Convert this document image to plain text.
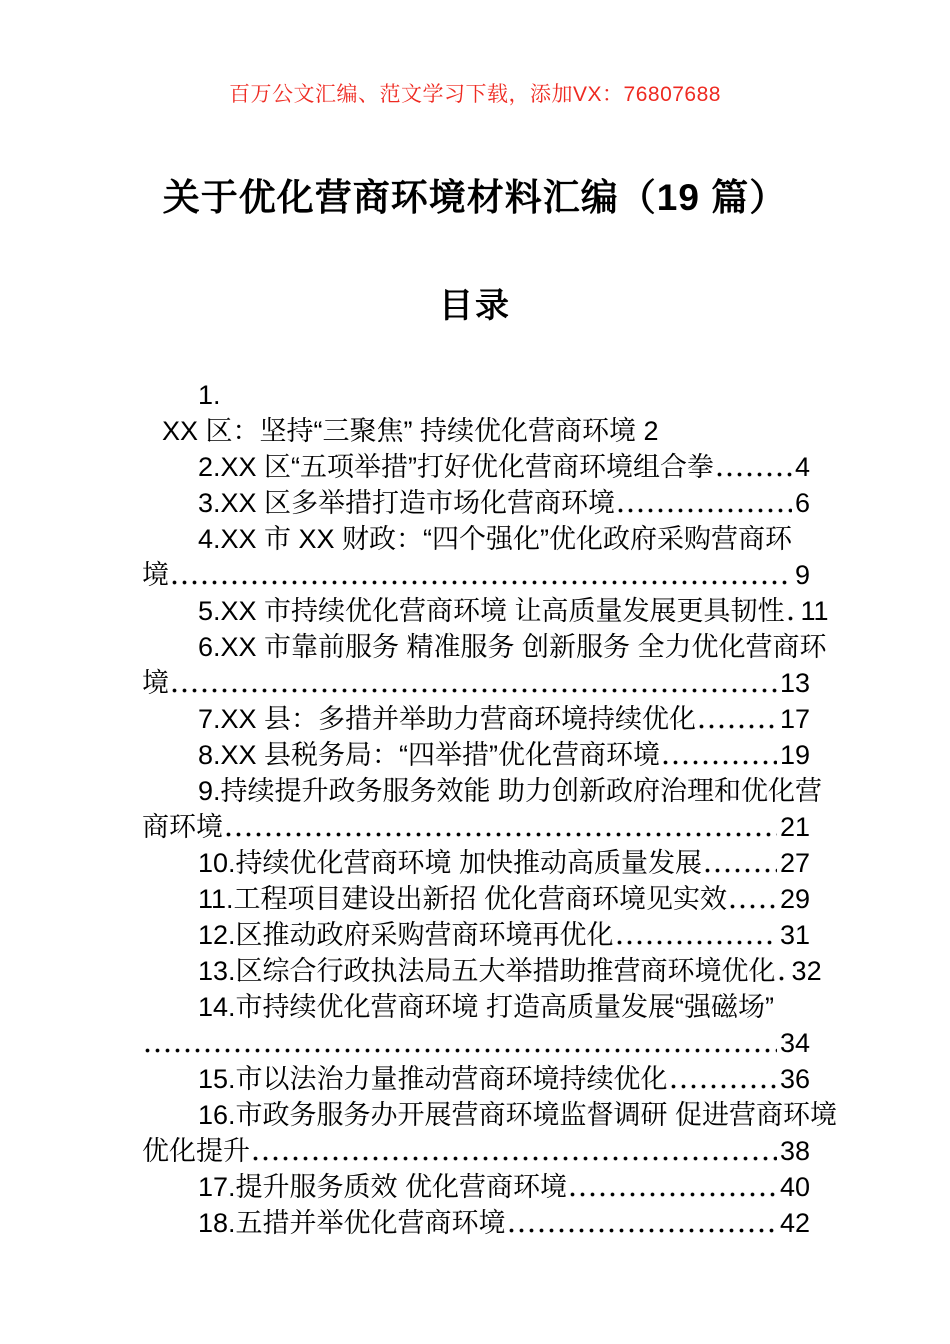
百万公文汇编、范文学习下载，添加VX：76807688
关于优化营商环境材料汇编（19 篇）
目录
1.
XX 区：坚持“三聚焦” 持续优化营商环境 2
2.XX 区“五项举措”打好优化营商环境组合拳	4
3.XX 区多举措打造市场化营商环境	6
4.XX 市 XX 财政：“四个强化”优化政府采购营商环
境	9
5.XX 市持续优化营商环境 让高质量发展更具韧性 11
6.XX 市靠前服务 精准服务 创新服务 全力优化营商环
境	13
7.XX 县：多措并举助力营商环境持续优化	17
8.XX 县税务局：“四举措”优化营商环境	19
9.持续提升政务服务效能 助力创新政府治理和优化营
商环境	21
10.持续优化营商环境 加快推动高质量发展	27
11.工程项目建设出新招 优化营商环境见实效 29
12.区推动政府采购营商环境再优化	31
13.区综合行政执法局五大举措助推营商环境优化 32
14.市持续优化营商环境 打造高质量发展“强磁场”
34
15.市以法治力量推动营商环境持续优化	36
16.市政务服务办开展营商环境监督调研 促进营商环境
优化提升	38
17.提升服务质效 优化营商环境	40
18.五措并举优化营商环境	42
